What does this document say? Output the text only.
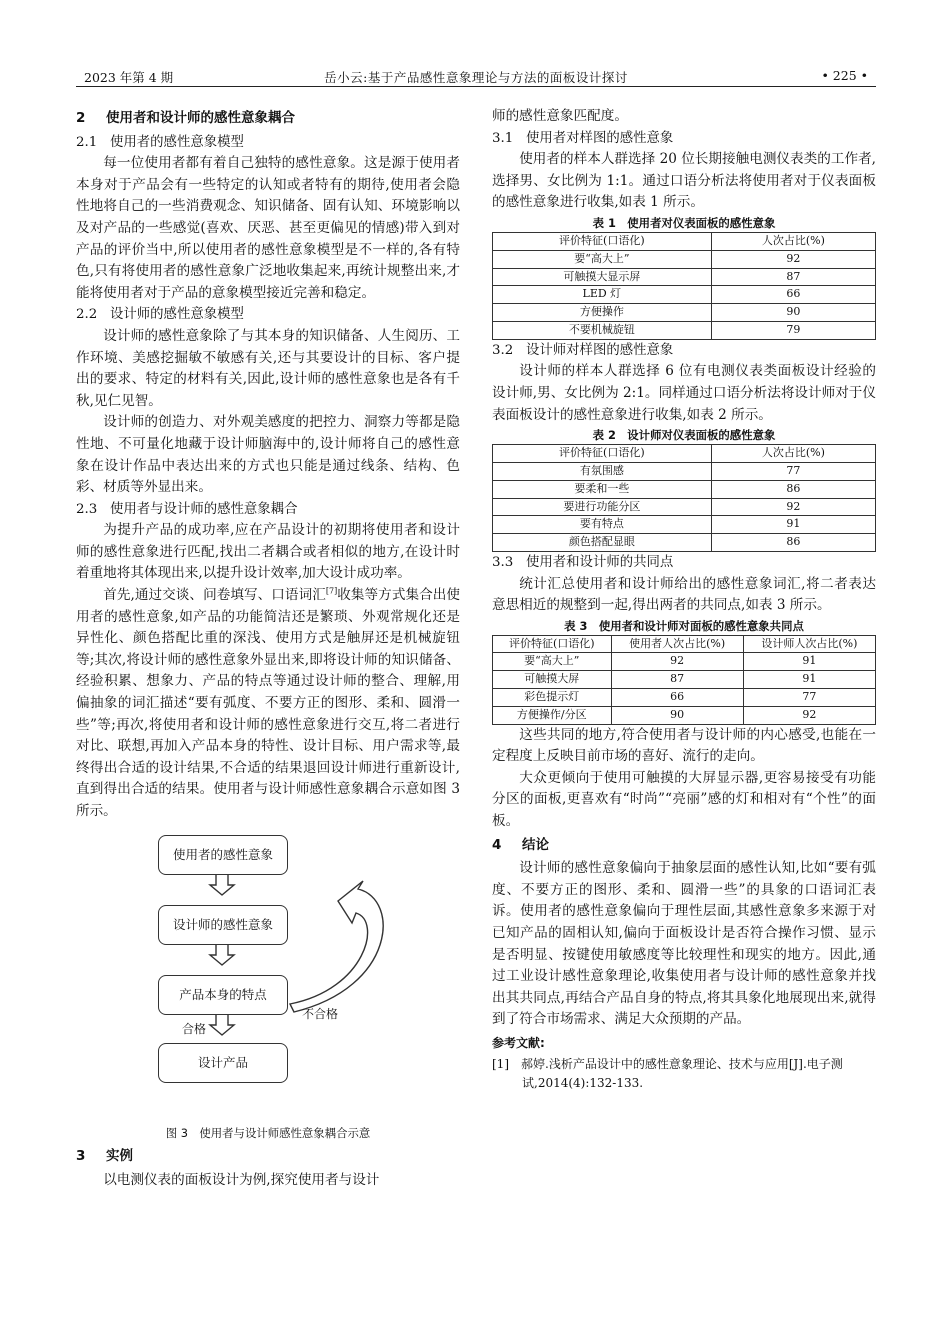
2023 年第 4 期	岳小云:基于产品感性意象理论与方法的面板设计探讨	• 225 •
2 使用者和设计师的感性意象耦合
2.1 使用者的感性意象模型

每一位使用者都有着自己独特的感性意象。这是源于使用者本身对于产品会有一些特定的认知或者特有的期待,使用者会隐性地将自己的一些消费观念、知识储备、固有认知、环境影响以及对产品的一些感觉(喜欢、厌恶、甚至更偏见的情感)带入到对产品的评价当中,所以使用者的感性意象模型是不一样的,各有特色,只有将使用者的感性意象广泛地收集起来,再统计规整出来,才能将使用者对于产品的意象模型接近完善和稳定。

2.2 设计师的感性意象模型

设计师的感性意象除了与其本身的知识储备、人生阅历、工作环境、美感挖掘敏不敏感有关,还与其要设计的目标、客户提出的要求、特定的材料有关,因此,设计师的感性意象也是各有千秋,见仁见智。

设计师的创造力、对外观美感度的把控力、洞察力等都是隐性地、不可量化地藏于设计师脑海中的,设计师将自己的感性意象在设计作品中表达出来的方式也只能是通过线条、结构、色彩、材质等外显出来。

2.3 使用者与设计师的感性意象耦合

为提升产品的成功率,应在产品设计的初期将使用者和设计师的感性意象进行匹配,找出二者耦合或者相似的地方,在设计时着重地将其体现出来,以提升设计效率,加大设计成功率。

首先,通过交谈、问卷填写、口语词汇[7]收集等方式集合出使用者的感性意象,如产品的功能简洁还是繁琐、外观常规化还是异性化、颜色搭配比重的深浅、使用方式是触屏还是机械旋钮等;其次,将设计师的感性意象外显出来,即将设计师的知识储备、经验积累、想象力、产品的特点等通过设计师的整合、理解,用偏抽象的词汇描述“要有弧度、不要方正的图形、柔和、圆滑一些”等;再次,将使用者和设计师的感性意象进行交互,将二者进行对比、联想,再加入产品本身的特性、设计目标、用户需求等,最终得出合适的设计结果,不合适的结果退回设计师进行重新设计,直到得出合适的结果。使用者与设计师感性意象耦合示意如图 3 所示。

使用者的感性意象
设计师的感性意象
产品本身的特点
设计产品
不合格
合格
图 3　使用者与设计师感性意象耦合示意
3 实例

以电测仪表的面板设计为例,探究使用者与设计

师的感性意象匹配度。

3.1 使用者对样图的感性意象

使用者的样本人群选择 20 位长期接触电测仪表类的工作者,选择男、女比例为 1:1。通过口语分析法将使用者对于仪表面板的感性意象进行收集,如表 1 所示。

表 1　使用者对仪表面板的感性意象
评价特征(口语化)	人次占比(%)
要“高大上”	92
可触摸大显示屏	87
LED 灯	66
方便操作	90
不要机械旋钮	79
3.2 设计师对样图的感性意象

设计师的样本人群选择 6 位有电测仪表类面板设计经验的设计师,男、女比例为 2:1。同样通过口语分析法将设计师对于仪表面板设计的感性意象进行收集,如表 2 所示。

表 2　设计师对仪表面板的感性意象
评价特征(口语化)	人次占比(%)
有氛围感	77
要柔和一些	86
要进行功能分区	92
要有特点	91
颜色搭配显眼	86
3.3 使用者和设计师的共同点

统计汇总使用者和设计师给出的感性意象词汇,将二者表达意思相近的规整到一起,得出两者的共同点,如表 3 所示。

表 3　使用者和设计师对面板的感性意象共同点
评价特征(口语化)	使用者人次占比(%)	设计师人次占比(%)
要“高大上”	92	91
可触摸大屏	87	91
彩色提示灯	66	77
方便操作/分区	90	92

这些共同的地方,符合使用者与设计师的内心感受,也能在一定程度上反映目前市场的喜好、流行的走向。

大众更倾向于使用可触摸的大屏显示器,更容易接受有功能分区的面板,更喜欢有“时尚”“亮丽”感的灯和相对有“个性”的面板。

4 结论

设计师的感性意象偏向于抽象层面的感性认知,比如“要有弧度、不要方正的图形、柔和、圆滑一些”的具象的口语词汇表诉。使用者的感性意象偏向于理性层面,其感性意象多来源于对已知产品的固相认知,偏向于面板设计是否符合操作习惯、显示是否明显、按键使用敏感度等比较理性和现实的地方。因此,通过工业设计感性意象理论,收集使用者与设计师的感性意象并找出其共同点,再结合产品自身的特点,将其具象化地展现出来,就得到了符合市场需求、满足大众预期的产品。

参考文献:
[1]　郝婷.浅析产品设计中的感性意象理论、技术与应用[J].电子测试,2014(4):132-133.
